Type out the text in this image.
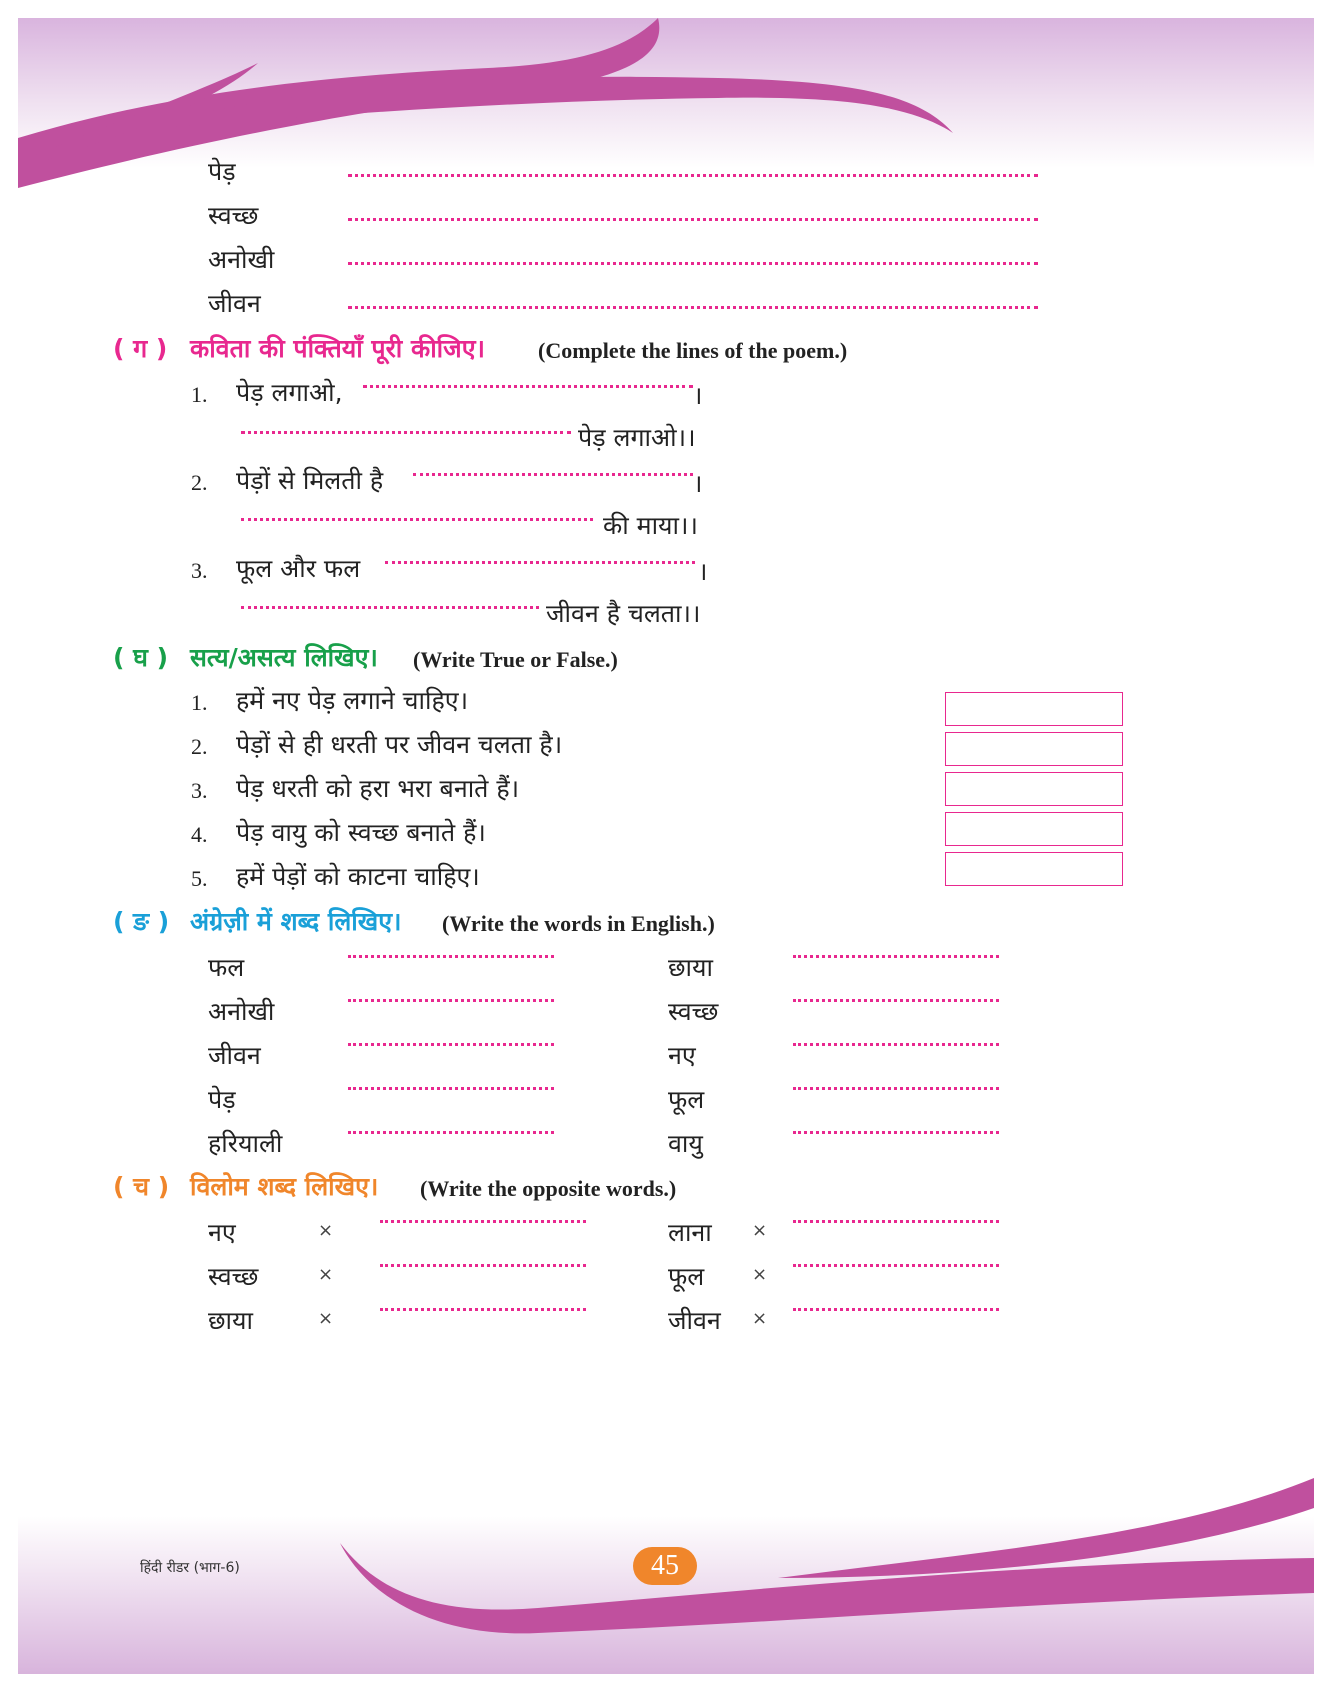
पेड़
स्वच्छ
अनोखी
जीवन
( ग ) कविता की पंक्तियाँ पूरी कीजिए। (Complete the lines of the poem.)
1. पेड़ लगाओ,	।
पेड़ लगाओ।।
2. पेड़ों से मिलती है	।
की माया।।
3. फूल और फल	।
जीवन है चलता।।
( घ ) सत्य/असत्य लिखिए। (Write True or False.)
1. हमें नए पेड़ लगाने चाहिए।
2. पेड़ों से ही धरती पर जीवन चलता है।
3. पेड़ धरती को हरा भरा बनाते हैं।
4. पेड़ वायु को स्वच्छ बनाते हैं।
5. हमें पेड़ों को काटना चाहिए।
( ङ ) अंग्रेज़ी में शब्द लिखिए। (Write the words in English.)
फल	छाया
अनोखी	स्वच्छ
जीवन	नए
पेड़	फूल
हरियाली	वायु
( च ) विलोम शब्द लिखिए। (Write the opposite words.)
नए	×	लाना ×
स्वच्छ	×	फूल	×
छाया	×	जीवन ×
हिंदी रीडर (भाग-6)	45
